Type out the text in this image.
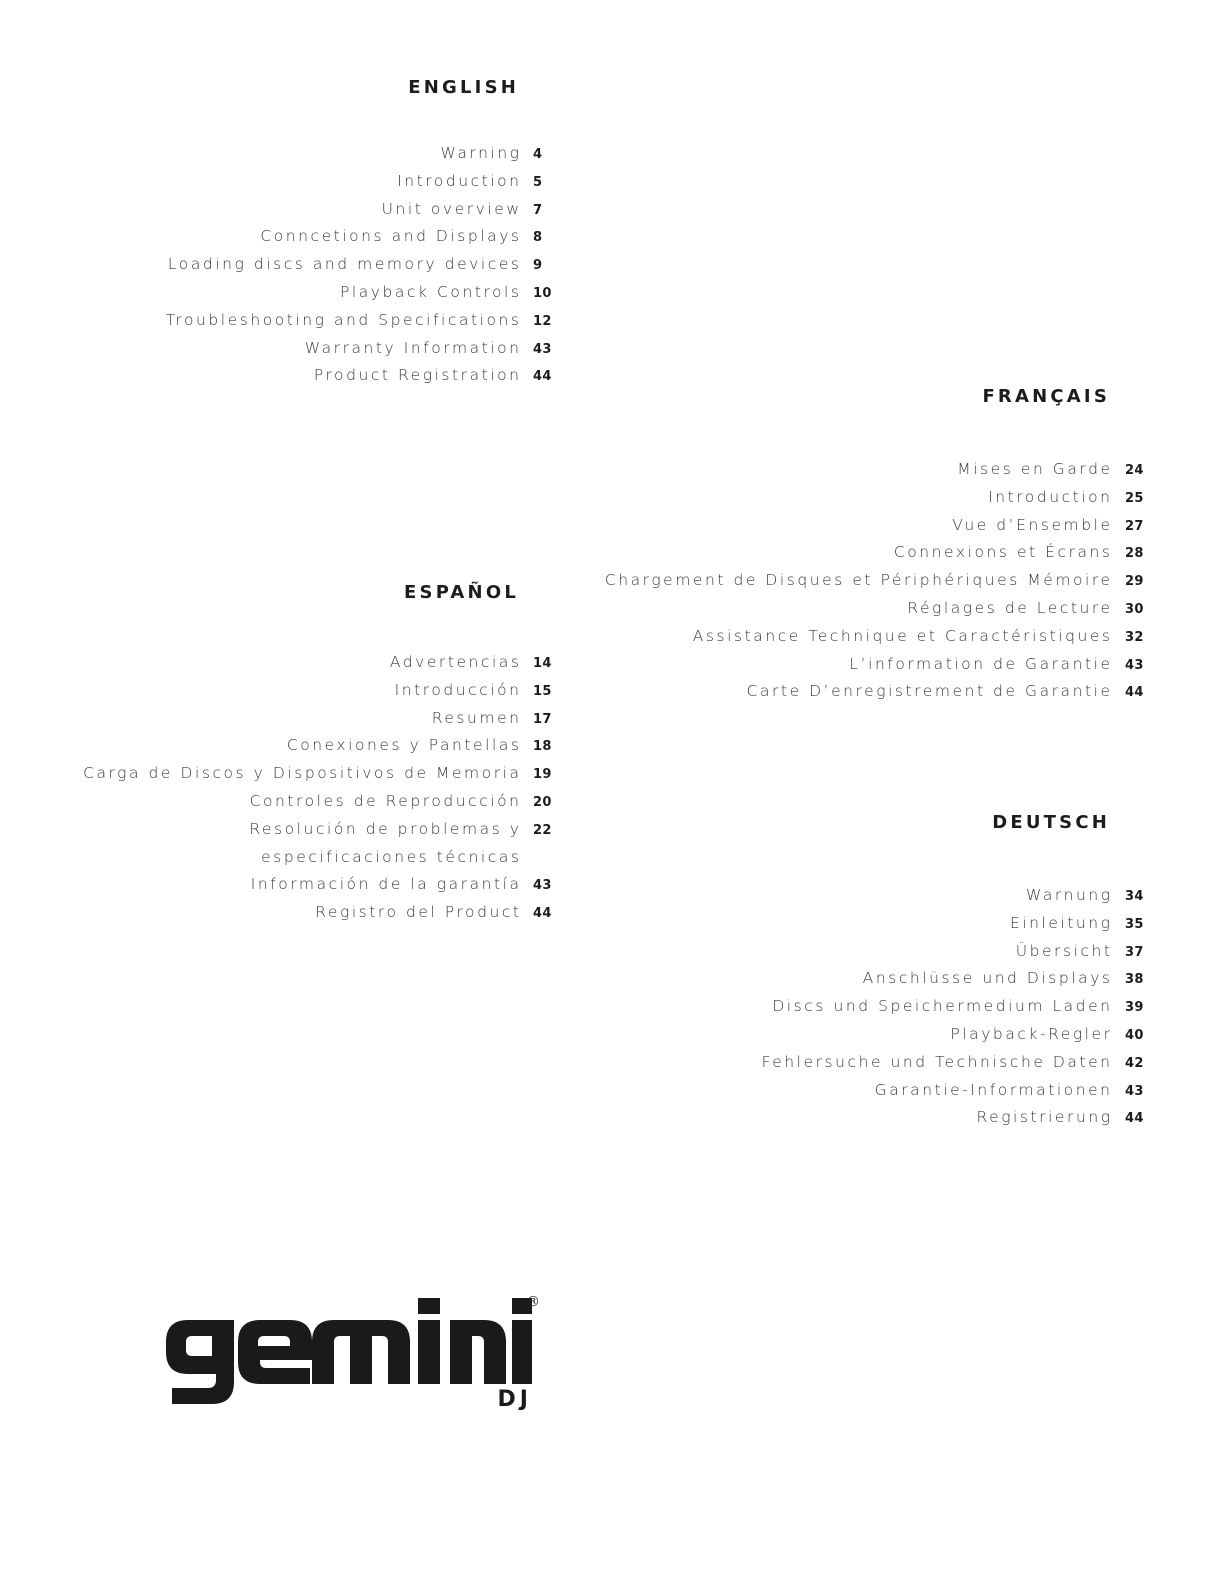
ENGLISH
Warning 4
Introduction 5
Unit overview 7
Conncetions and Displays 8
Loading discs and memory devices 9
Playback Controls 10
Troubleshooting and Specifications 12
Warranty Information 43
Product Registration 44
FRANÇAIS
Mises en Garde 24
Introduction 25
Vue d’Ensemble 27
Connexions et Écrans 28
Chargement de Disques et Périphériques Mémoire 29
Réglages de Lecture 30
Assistance Technique et Caractéristiques 32
L’information de Garantie 43
Carte D’enregistrement de Garantie 44
ESPAÑOL
Advertencias 14
Introducción 15
Resumen 17
Conexiones y Pantellas 18
Carga de Discos y Dispositivos de Memoria 19
Controles de Reproducción 20
Resolución de problemas y
especificaciones técnicas
22
Información de la garantía 43
Registro del Product 44
DEUTSCH
Warnung 34
Einleitung 35
Übersicht 37
Anschlüsse und Displays 38
Discs und Speichermedium Laden 39
Playback-Regler 40
Fehlersuche und Technische Daten 42
Garantie-Informationen 43
Registrierung 44
®
DJ
